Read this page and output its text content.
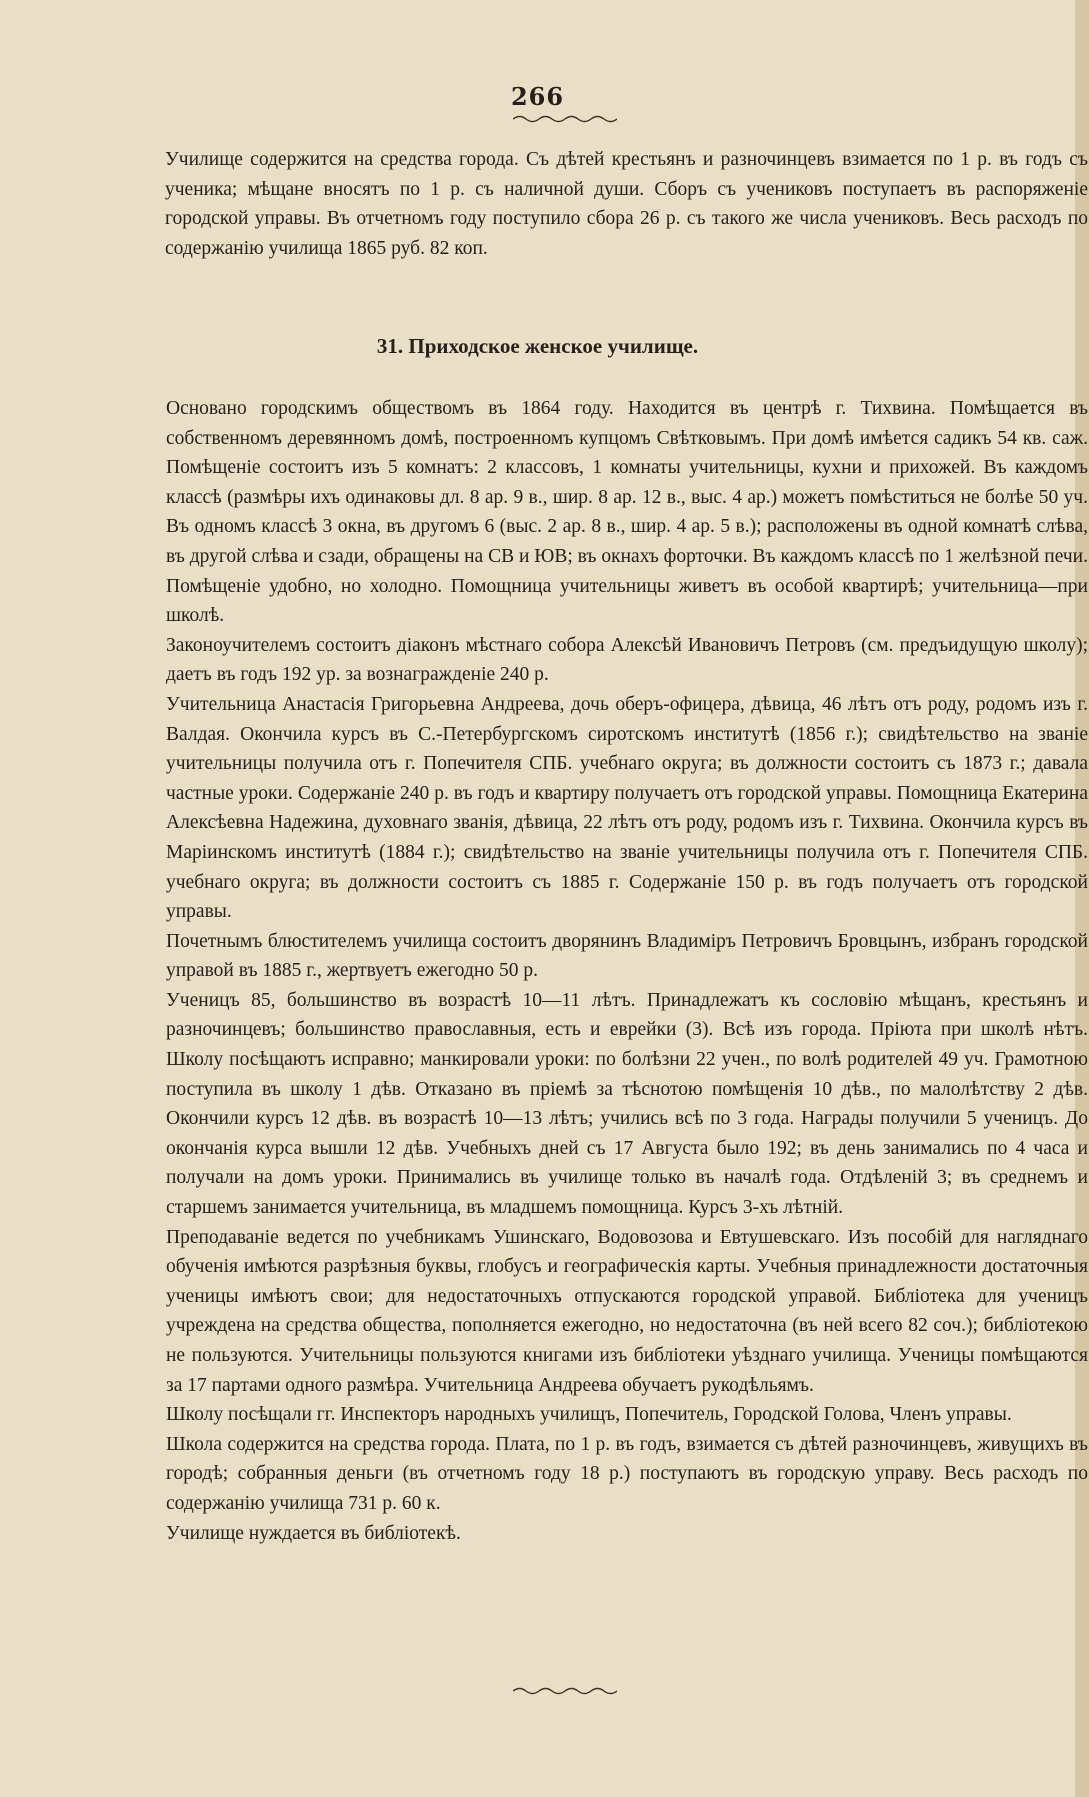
266

Училище содержится на средства города. Съ дѣтей крестьянъ и разночинцевъ взимается по 1 р. въ годъ съ ученика; мѣщане вносятъ по 1 р. съ наличной души. Сборъ съ учениковъ поступаетъ въ распоряженіе городской управы. Въ отчетномъ году поступило сбора 26 р. съ такого же числа учениковъ. Весь расходъ по содержанію училища 1865 руб. 82 коп.

31. Приходское женское училище.

Основано городскимъ обществомъ въ 1864 году. Находится въ центрѣ г. Тихвина. Помѣщается въ собственномъ деревянномъ домѣ, построенномъ купцомъ Свѣтковымъ. При домѣ имѣется садикъ 54 кв. саж. Помѣщеніе состоитъ изъ 5 комнатъ: 2 классовъ, 1 комнаты учительницы, кухни и прихожей. Въ каждомъ классѣ (размѣры ихъ одинаковы дл. 8 ар. 9 в., шир. 8 ар. 12 в., выс. 4 ар.) можетъ помѣститься не болѣе 50 уч. Въ одномъ классѣ 3 окна, въ другомъ 6 (выс. 2 ар. 8 в., шир. 4 ар. 5 в.); расположены въ одной комнатѣ слѣва, въ другой слѣва и сзади, обращены на СВ и ЮВ; въ окнахъ форточки. Въ каждомъ классѣ по 1 желѣзной печи. Помѣщеніе удобно, но холодно. Помощница учительницы живетъ въ особой квартирѣ; учительница—при школѣ.

Законоучителемъ состоитъ діаконъ мѣстнаго собора Алексѣй Ивановичъ Петровъ (см. предъидущую школу); даетъ въ годъ 192 ур. за вознагражденіе 240 р.

Учительница Анастасія Григорьевна Андреева, дочь оберъ-офицера, дѣвица, 46 лѣтъ отъ роду, родомъ изъ г. Валдая. Окончила курсъ въ С.-Петербургскомъ сиротскомъ институтѣ (1856 г.); свидѣтельство на званіе учительницы получила отъ г. Попечителя СПБ. учебнаго округа; въ должности состоитъ съ 1873 г.; давала частные уроки. Содержаніе 240 р. въ годъ и квартиру получаетъ отъ городской управы. Помощница Екатерина Алексѣевна Надежина, духовнаго званія, дѣвица, 22 лѣтъ отъ роду, родомъ изъ г. Тихвина. Окончила курсъ въ Маріинскомъ институтѣ (1884 г.); свидѣтельство на званіе учительницы получила отъ г. Попечителя СПБ. учебнаго округа; въ должности состоитъ съ 1885 г. Содержаніе 150 р. въ годъ получаетъ отъ городской управы.

Почетнымъ блюстителемъ училища состоитъ дворянинъ Владиміръ Петровичъ Бровцынъ, избранъ городской управой въ 1885 г., жертвуетъ ежегодно 50 р.

Ученицъ 85, большинство въ возрастѣ 10—11 лѣтъ. Принадлежатъ къ сословію мѣщанъ, крестьянъ и разночинцевъ; большинство православныя, есть и еврейки (3). Всѣ изъ города. Пріюта при школѣ нѣтъ. Школу посѣщаютъ исправно; манкировали уроки: по болѣзни 22 учен., по волѣ родителей 49 уч. Грамотною поступила въ школу 1 дѣв. Отказано въ пріемѣ за тѣснотою помѣщенія 10 дѣв., по малолѣтству 2 дѣв. Окончили курсъ 12 дѣв. въ возрастѣ 10—13 лѣтъ; учились всѣ по 3 года. Награды получили 5 ученицъ. До окончанія курса вышли 12 дѣв. Учебныхъ дней съ 17 Августа было 192; въ день занимались по 4 часа и получали на домъ уроки. Принимались въ училище только въ началѣ года. Отдѣленій 3; въ среднемъ и старшемъ занимается учительница, въ младшемъ помощница. Курсъ 3-хъ лѣтній.

Преподаваніе ведется по учебникамъ Ушинскаго, Водовозова и Евтушевскаго. Изъ пособій для нагляднаго обученія имѣются разрѣзныя буквы, глобусъ и географическія карты. Учебныя принадлежности достаточныя ученицы имѣютъ свои; для недостаточныхъ отпускаются городской управой. Библіотека для ученицъ учреждена на средства общества, пополняется ежегодно, но недостаточна (въ ней всего 82 соч.); библіотекою не пользуются. Учительницы пользуются книгами изъ библіотеки уѣзднаго училища. Ученицы помѣщаются за 17 партами одного размѣра. Учительница Андреева обучаетъ рукодѣльямъ.

Школу посѣщали гг. Инспекторъ народныхъ училищъ, Попечитель, Городской Голова, Членъ управы.

Школа содержится на средства города. Плата, по 1 р. въ годъ, взимается съ дѣтей разночинцевъ, живущихъ въ городѣ; собранныя деньги (въ отчетномъ году 18 р.) поступаютъ въ городскую управу. Весь расходъ по содержанію училища 731 р. 60 к.

Училище нуждается въ библіотекѣ.
